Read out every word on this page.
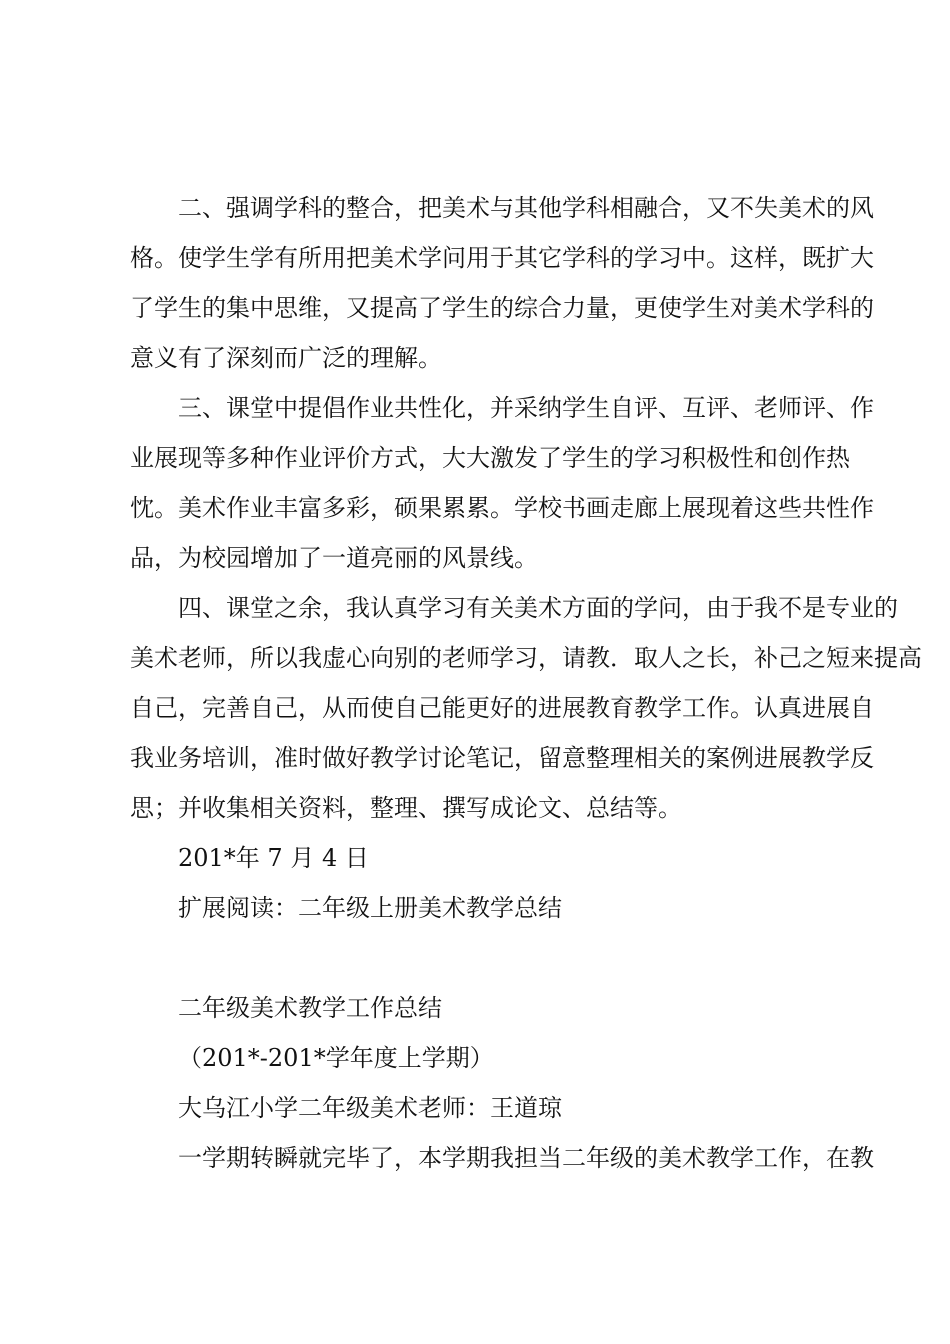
二、强调学科的整合，把美术与其他学科相融合，又不失美术的风
格。使学生学有所用把美术学问用于其它学科的学习中。这样，既扩大
了学生的集中思维，又提高了学生的综合力量，更使学生对美术学科的
意义有了深刻而广泛的理解。
三、课堂中提倡作业共性化，并采纳学生自评、互评、老师评、作
业展现等多种作业评价方式，大大激发了学生的学习积极性和创作热
忱。美术作业丰富多彩，硕果累累。学校书画走廊上展现着这些共性作
品，为校园增加了一道亮丽的风景线。
四、课堂之余，我认真学习有关美术方面的学问，由于我不是专业的
美术老师，所以我虚心向别的老师学习，请教．取人之长，补己之短来提高
自己，完善自己，从而使自己能更好的进展教育教学工作。认真进展自
我业务培训，准时做好教学讨论笔记，留意整理相关的案例进展教学反
思；并收集相关资料，整理、撰写成论文、总结等。
201*年 7 月 4 日
扩展阅读：二年级上册美术教学总结
二年级美术教学工作总结
（201*-201*学年度上学期）
大乌江小学二年级美术老师：王道琼
一学期转瞬就完毕了，本学期我担当二年级的美术教学工作，在教
